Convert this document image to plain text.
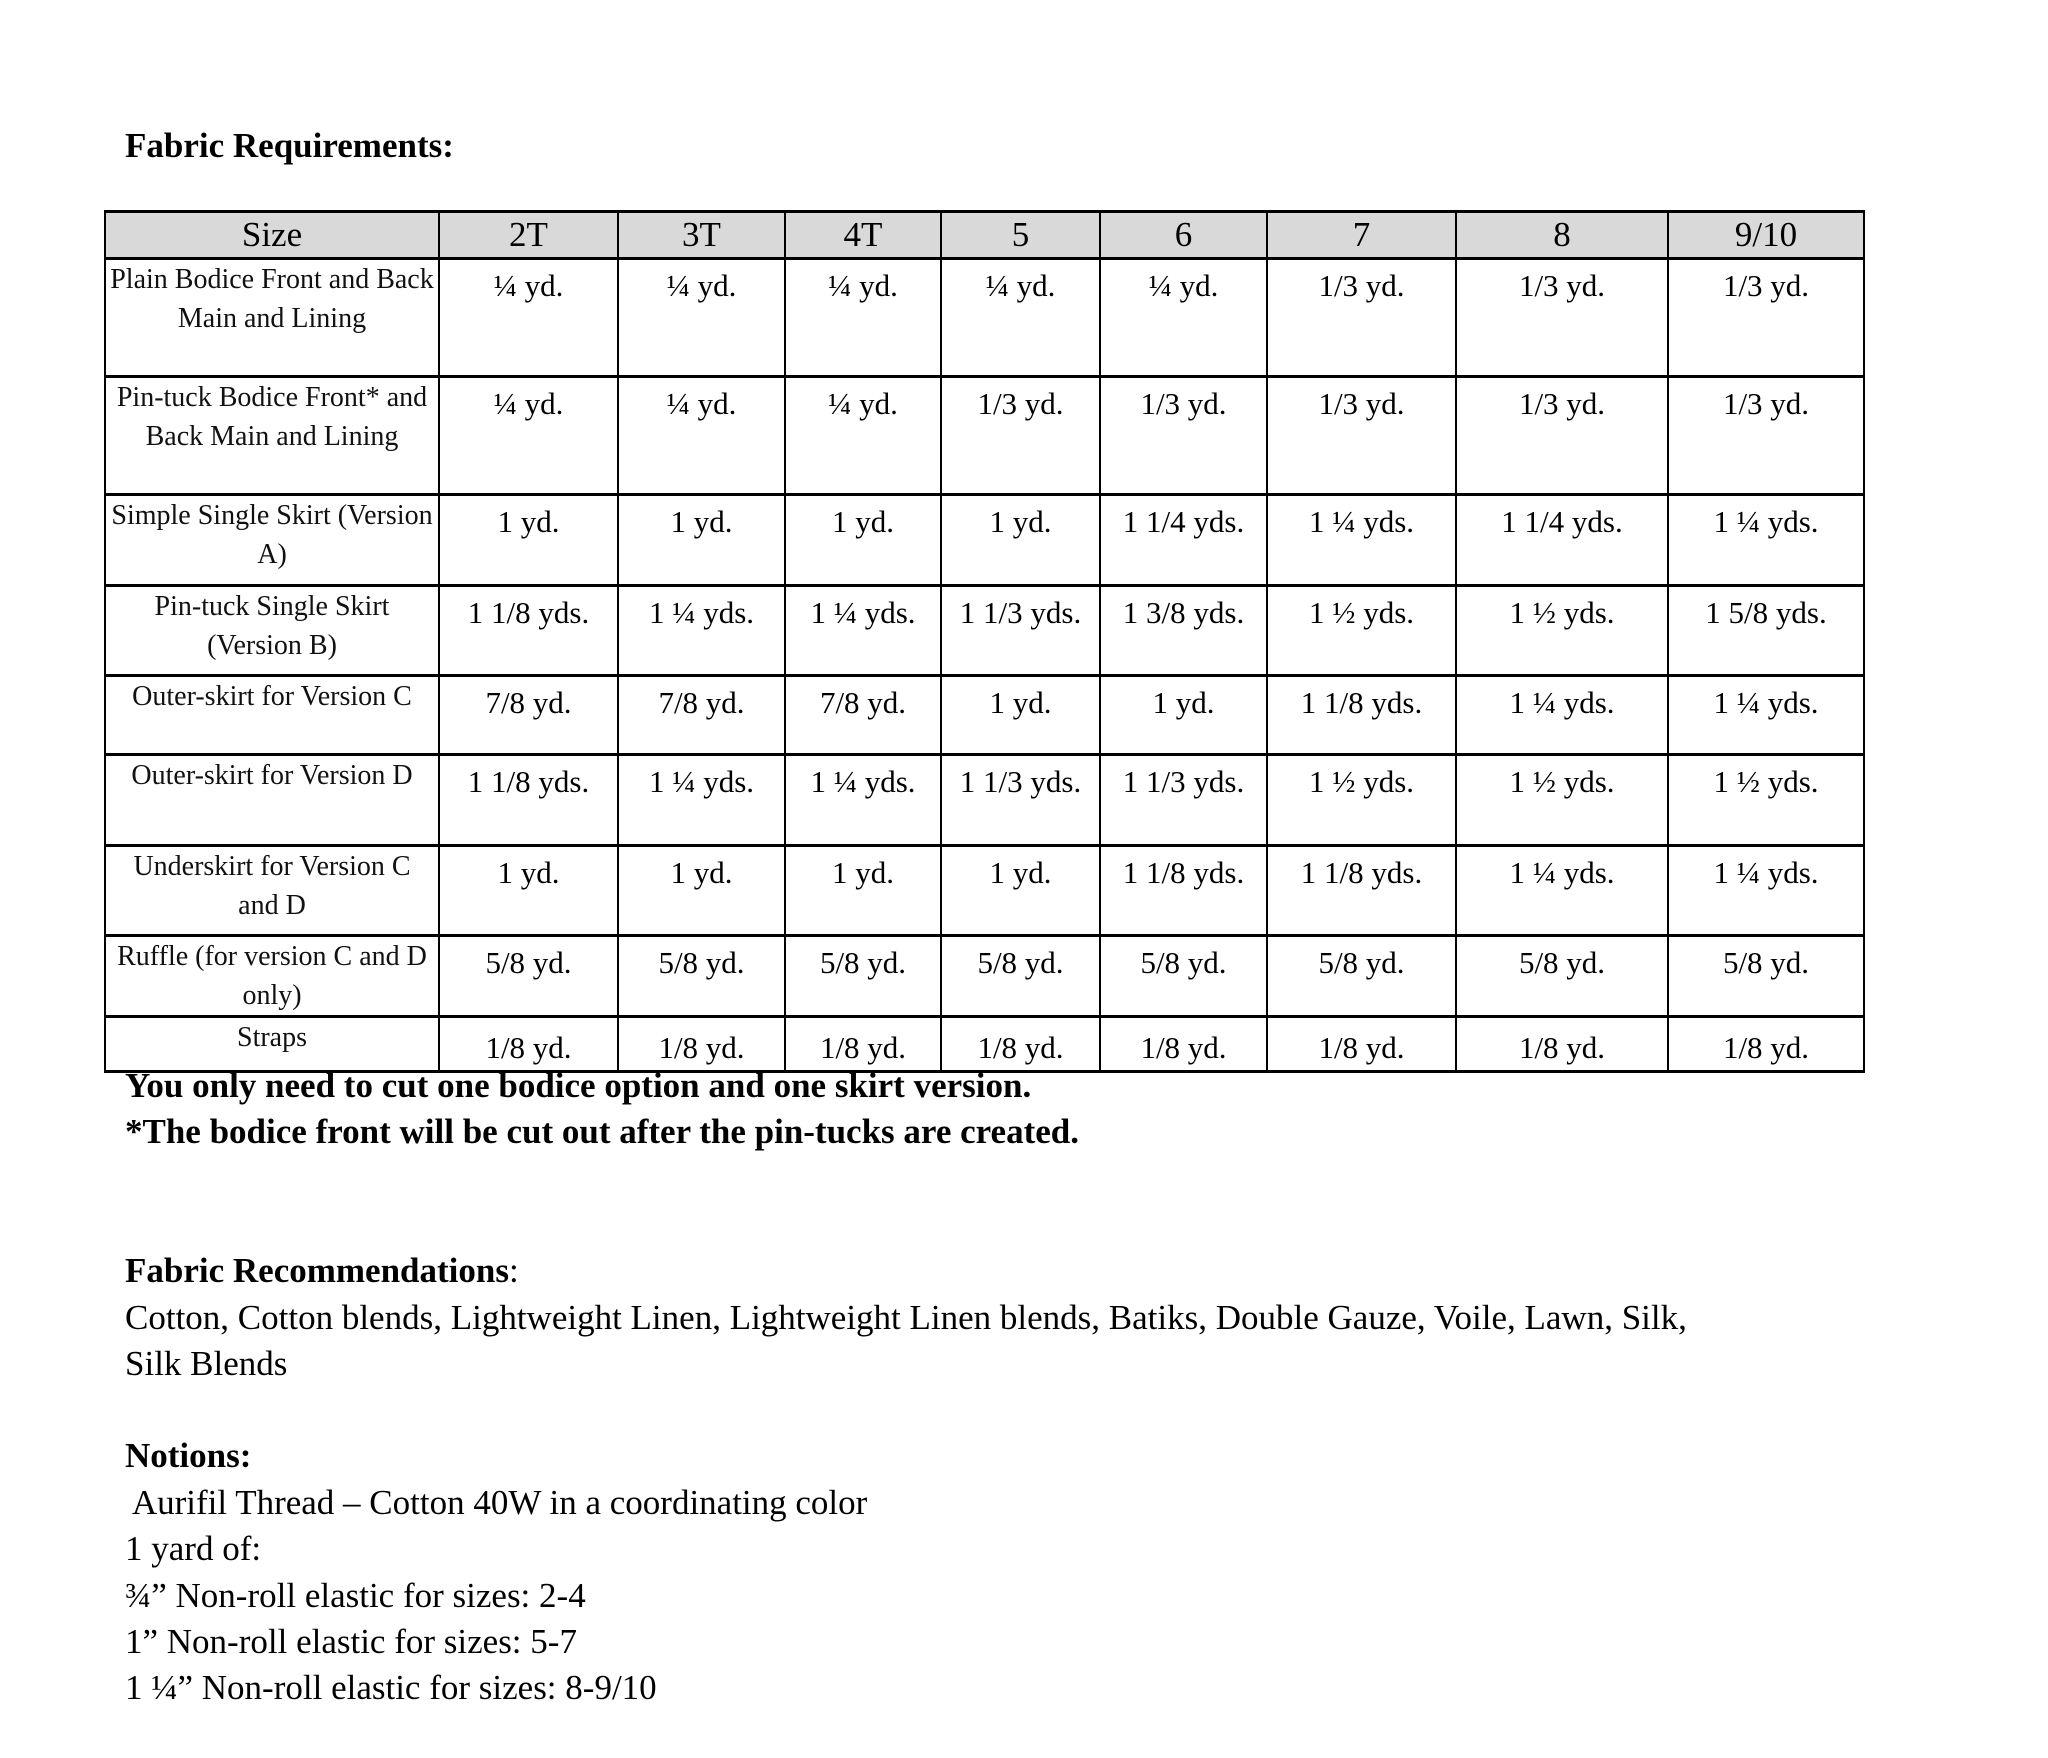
Fabric Requirements:
Size	2T	3T	4T	5	6	7	8	9/10
Plain Bodice Front and Back Main and Lining	¼ yd.	¼ yd.	¼ yd.	¼ yd.	¼ yd.	1/3 yd.	1/3 yd.	1/3 yd.
Pin-tuck Bodice Front* and Back Main and Lining	¼ yd.	¼ yd.	¼ yd.	1/3 yd.	1/3 yd.	1/3 yd.	1/3 yd.	1/3 yd.
Simple Single Skirt (Version A)	1 yd.	1 yd.	1 yd.	1 yd.	1 1/4 yds.	1 ¼ yds.	1 1/4 yds.	1 ¼ yds.
Pin-tuck Single Skirt (Version B)	1 1/8 yds.	1 ¼ yds.	1 ¼ yds.	1 1/3 yds.	1 3/8 yds.	1 ½ yds.	1 ½ yds.	1 5/8 yds.
Outer-skirt for Version C	7/8 yd.	7/8 yd.	7/8 yd.	1 yd.	1 yd.	1 1/8 yds.	1 ¼ yds.	1 ¼ yds.
Outer-skirt for Version D	1 1/8 yds.	1 ¼ yds.	1 ¼ yds.	1 1/3 yds.	1 1/3 yds.	1 ½ yds.	1 ½ yds.	1 ½ yds.
Underskirt for Version C and D	1 yd.	1 yd.	1 yd.	1 yd.	1 1/8 yds.	1 1/8 yds.	1 ¼ yds.	1 ¼ yds.
Ruffle (for version C and D only)	5/8 yd.	5/8 yd.	5/8 yd.	5/8 yd.	5/8 yd.	5/8 yd.	5/8 yd.	5/8 yd.
Straps	1/8 yd.	1/8 yd.	1/8 yd.	1/8 yd.	1/8 yd.	1/8 yd.	1/8 yd.	1/8 yd.
You only need to cut one bodice option and one skirt version.
*The bodice front will be cut out after the pin-tucks are created.
Fabric Recommendations:
Cotton, Cotton blends, Lightweight Linen, Lightweight Linen blends, Batiks, Double Gauze, Voile, Lawn, Silk,
Silk Blends
Notions:
Aurifil Thread – Cotton 40W in a coordinating color
1 yard of:
¾” Non-roll elastic for sizes: 2-4
1” Non-roll elastic for sizes: 5-7
1 ¼” Non-roll elastic for sizes: 8-9/10
